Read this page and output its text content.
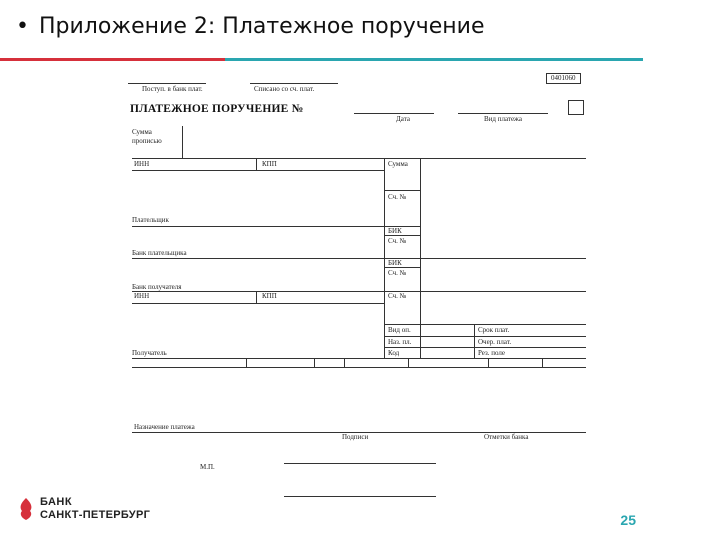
• Приложение 2: Платежное поручение
Поступ. в банк плат.	Списано со сч. плат.
0401060
ПЛАТЕЖНОЕ ПОРУЧЕНИЕ №
Дата	Вид платежа
Сумма
прописью
ИНН	КПП	Сумма
Сч. №
Плательщик
БИК
Сч. №
Банк плательщика
БИК
Сч. №
Банк получателя
ИНН	КПП	Сч. №
Вид оп.	Срок плат.
Наз. пл.	Очер. плат.
Код	Рез. поле
Получатель
Назначение платежа
Подписи	Отметки банка
М.П.
БАНК
САНКТ-ПЕТЕРБУРГ	25
